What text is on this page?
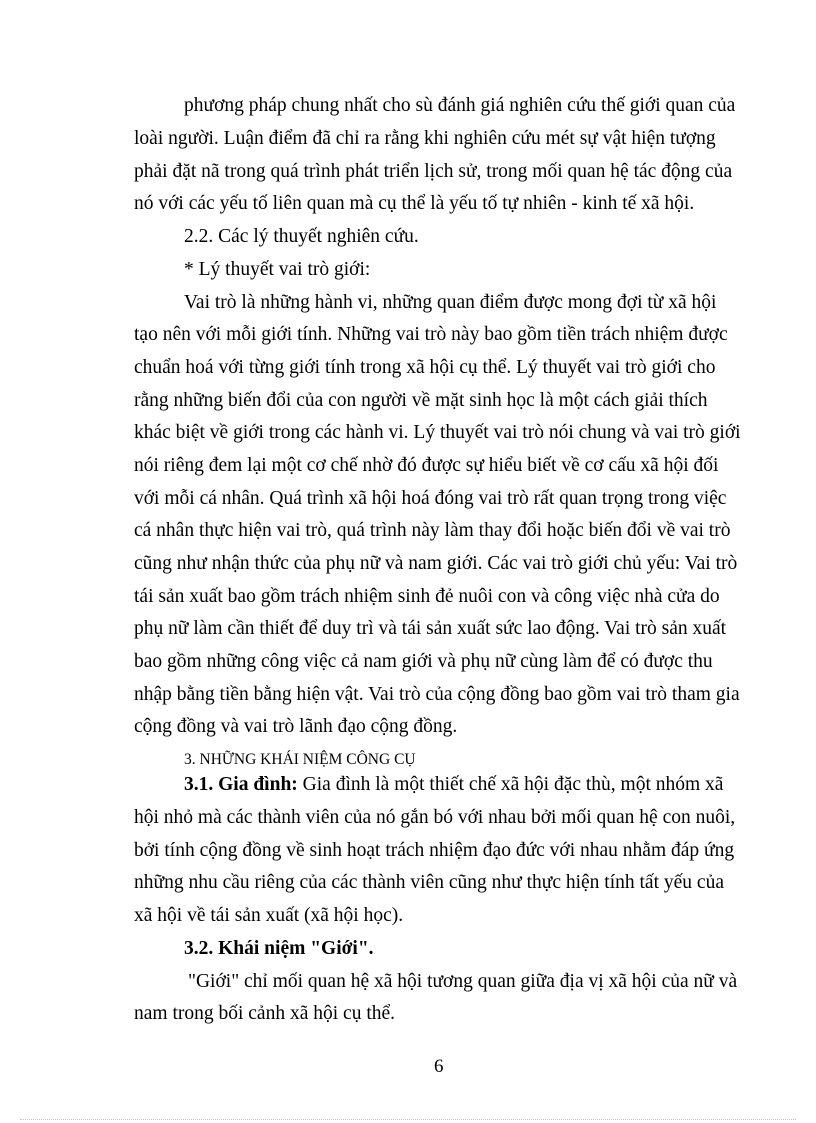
phương pháp chung nhất cho sù đánh giá nghiên cứu thế giới quan của
loài người. Luận điểm đã chỉ ra rằng khi nghiên cứu mét sự vật hiện tượng
phải đặt nã trong quá trình phát triển lịch sử, trong mối quan hệ tác động của
nó với các yếu tố liên quan mà cụ thể là yếu tố tự nhiên - kinh tế xã hội.
2.2. Các lý thuyết nghiên cứu.
* Lý thuyết vai trò giới:
Vai trò là những hành vi, những quan điểm được mong đợi từ xã hội
tạo nên với mỗi giới tính. Những vai trò này bao gồm tiền trách nhiệm được
chuẩn hoá với từng giới tính trong xã hội cụ thể. Lý thuyết vai trò giới cho
rằng những biến đổi của con người về mặt sinh học là một cách giải thích
khác biệt về giới trong các hành vi. Lý thuyết vai trò nói chung và vai trò giới
nói riêng đem lại một cơ chế nhờ đó được sự hiểu biết về cơ cấu xã hội đối
với mỗi cá nhân. Quá trình xã hội hoá đóng vai trò rất quan trọng trong việc
cá nhân thực hiện vai trò, quá trình này làm thay đổi hoặc biến đổi về vai trò
cũng như nhận thức của phụ nữ và nam giới. Các vai trò giới chủ yếu: Vai trò
tái sản xuất bao gồm trách nhiệm sinh đẻ nuôi con và công việc nhà cửa do
phụ nữ làm cần thiết để duy trì và tái sản xuất sức lao động. Vai trò sản xuất
bao gồm những công việc cả nam giới và phụ nữ cùng làm để có được thu
nhập bằng tiền bằng hiện vật. Vai trò của cộng đồng bao gồm vai trò tham gia
cộng đồng và vai trò lãnh đạo cộng đồng.
3. NHỮNG KHÁI NIỆM CÔNG CỤ
3.1. Gia đình: Gia đình là một thiết chế xã hội đặc thù, một nhóm xã
hội nhỏ mà các thành viên của nó gắn bó với nhau bởi mối quan hệ con nuôi,
bởi tính cộng đồng về sinh hoạt trách nhiệm đạo đức với nhau nhằm đáp ứng
những nhu cầu riêng của các thành viên cũng như thực hiện tính tất yếu của
xã hội về tái sản xuất (xã hội học).
3.2. Khái niệm "Giới".
"Giới" chỉ mối quan hệ xã hội tương quan giữa địa vị xã hội của nữ và
nam trong bối cảnh xã hội cụ thể.
6
